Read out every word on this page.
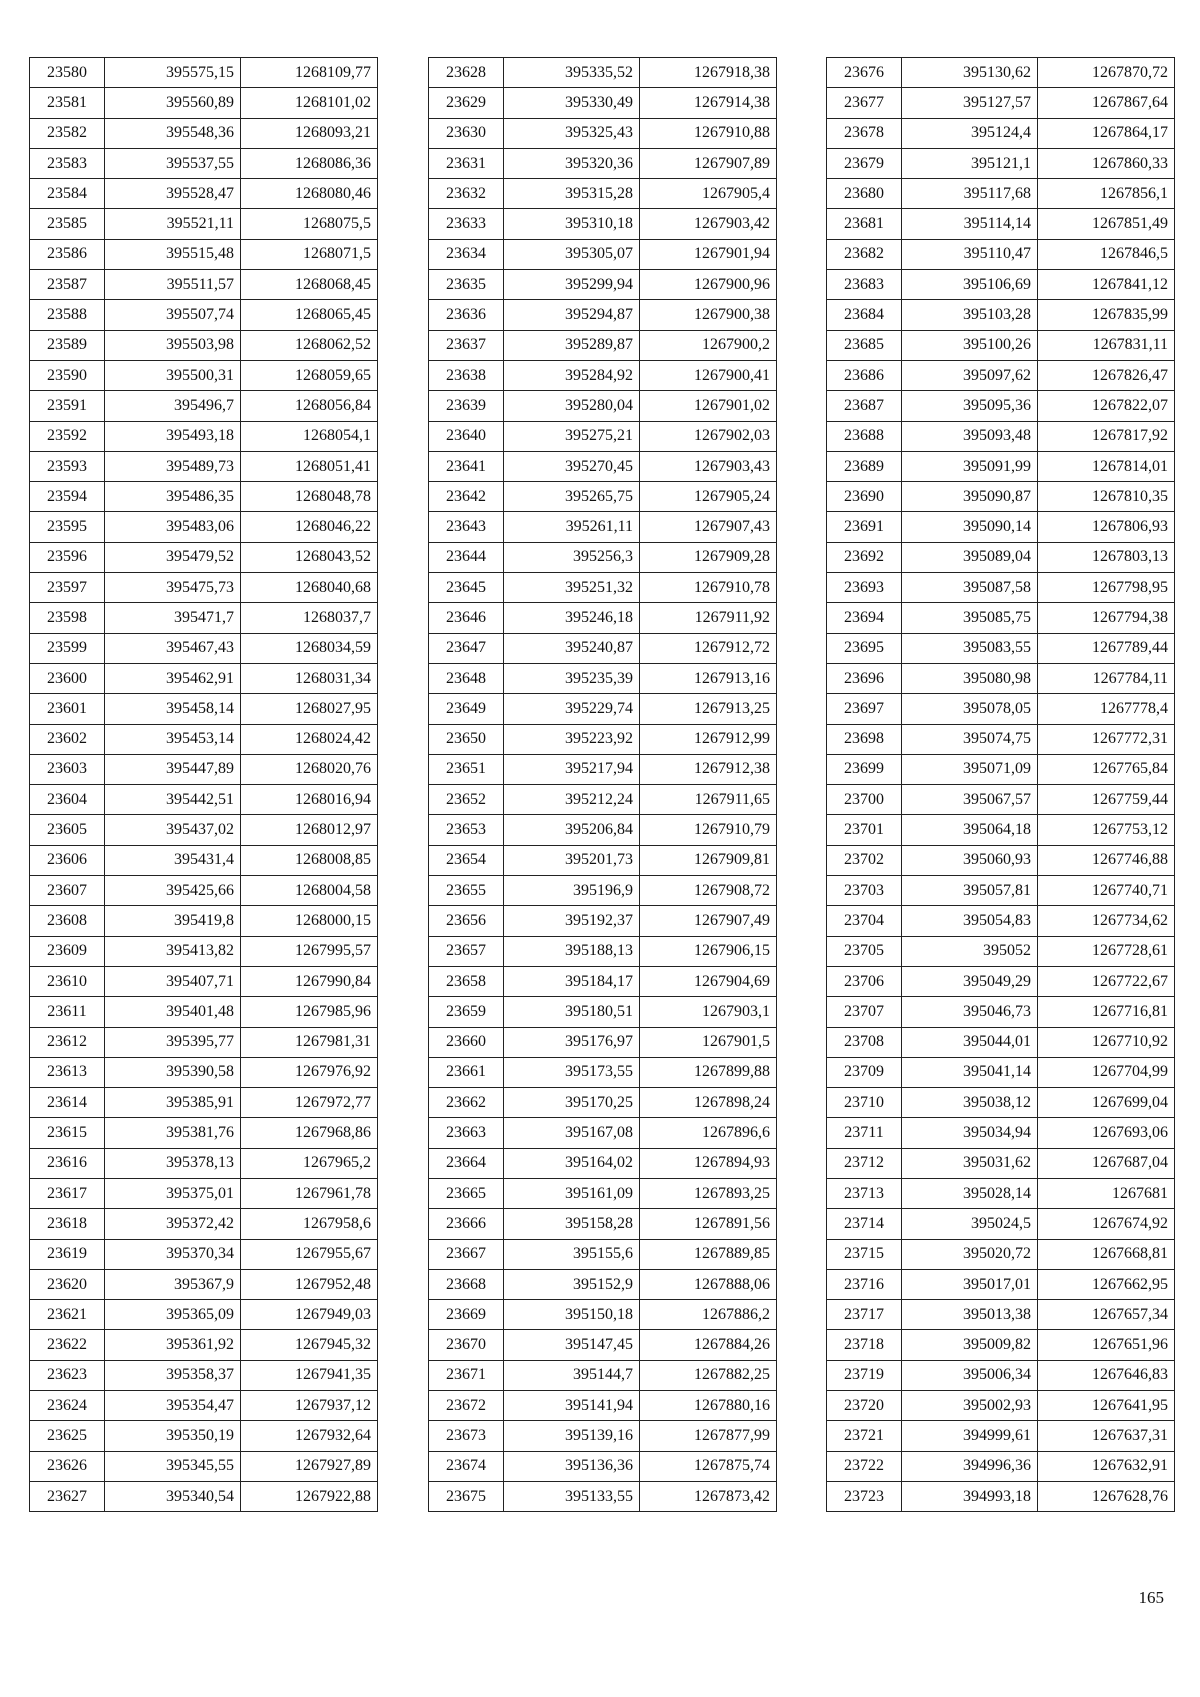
23580	395575,15	1268109,77
23581	395560,89	1268101,02
23582	395548,36	1268093,21
23583	395537,55	1268086,36
23584	395528,47	1268080,46
23585	395521,11	1268075,5
23586	395515,48	1268071,5
23587	395511,57	1268068,45
23588	395507,74	1268065,45
23589	395503,98	1268062,52
23590	395500,31	1268059,65
23591	395496,7	1268056,84
23592	395493,18	1268054,1
23593	395489,73	1268051,41
23594	395486,35	1268048,78
23595	395483,06	1268046,22
23596	395479,52	1268043,52
23597	395475,73	1268040,68
23598	395471,7	1268037,7
23599	395467,43	1268034,59
23600	395462,91	1268031,34
23601	395458,14	1268027,95
23602	395453,14	1268024,42
23603	395447,89	1268020,76
23604	395442,51	1268016,94
23605	395437,02	1268012,97
23606	395431,4	1268008,85
23607	395425,66	1268004,58
23608	395419,8	1268000,15
23609	395413,82	1267995,57
23610	395407,71	1267990,84
23611	395401,48	1267985,96
23612	395395,77	1267981,31
23613	395390,58	1267976,92
23614	395385,91	1267972,77
23615	395381,76	1267968,86
23616	395378,13	1267965,2
23617	395375,01	1267961,78
23618	395372,42	1267958,6
23619	395370,34	1267955,67
23620	395367,9	1267952,48
23621	395365,09	1267949,03
23622	395361,92	1267945,32
23623	395358,37	1267941,35
23624	395354,47	1267937,12
23625	395350,19	1267932,64
23626	395345,55	1267927,89
23627	395340,54	1267922,88
23628	395335,52	1267918,38
23629	395330,49	1267914,38
23630	395325,43	1267910,88
23631	395320,36	1267907,89
23632	395315,28	1267905,4
23633	395310,18	1267903,42
23634	395305,07	1267901,94
23635	395299,94	1267900,96
23636	395294,87	1267900,38
23637	395289,87	1267900,2
23638	395284,92	1267900,41
23639	395280,04	1267901,02
23640	395275,21	1267902,03
23641	395270,45	1267903,43
23642	395265,75	1267905,24
23643	395261,11	1267907,43
23644	395256,3	1267909,28
23645	395251,32	1267910,78
23646	395246,18	1267911,92
23647	395240,87	1267912,72
23648	395235,39	1267913,16
23649	395229,74	1267913,25
23650	395223,92	1267912,99
23651	395217,94	1267912,38
23652	395212,24	1267911,65
23653	395206,84	1267910,79
23654	395201,73	1267909,81
23655	395196,9	1267908,72
23656	395192,37	1267907,49
23657	395188,13	1267906,15
23658	395184,17	1267904,69
23659	395180,51	1267903,1
23660	395176,97	1267901,5
23661	395173,55	1267899,88
23662	395170,25	1267898,24
23663	395167,08	1267896,6
23664	395164,02	1267894,93
23665	395161,09	1267893,25
23666	395158,28	1267891,56
23667	395155,6	1267889,85
23668	395152,9	1267888,06
23669	395150,18	1267886,2
23670	395147,45	1267884,26
23671	395144,7	1267882,25
23672	395141,94	1267880,16
23673	395139,16	1267877,99
23674	395136,36	1267875,74
23675	395133,55	1267873,42
23676	395130,62	1267870,72
23677	395127,57	1267867,64
23678	395124,4	1267864,17
23679	395121,1	1267860,33
23680	395117,68	1267856,1
23681	395114,14	1267851,49
23682	395110,47	1267846,5
23683	395106,69	1267841,12
23684	395103,28	1267835,99
23685	395100,26	1267831,11
23686	395097,62	1267826,47
23687	395095,36	1267822,07
23688	395093,48	1267817,92
23689	395091,99	1267814,01
23690	395090,87	1267810,35
23691	395090,14	1267806,93
23692	395089,04	1267803,13
23693	395087,58	1267798,95
23694	395085,75	1267794,38
23695	395083,55	1267789,44
23696	395080,98	1267784,11
23697	395078,05	1267778,4
23698	395074,75	1267772,31
23699	395071,09	1267765,84
23700	395067,57	1267759,44
23701	395064,18	1267753,12
23702	395060,93	1267746,88
23703	395057,81	1267740,71
23704	395054,83	1267734,62
23705	395052	1267728,61
23706	395049,29	1267722,67
23707	395046,73	1267716,81
23708	395044,01	1267710,92
23709	395041,14	1267704,99
23710	395038,12	1267699,04
23711	395034,94	1267693,06
23712	395031,62	1267687,04
23713	395028,14	1267681
23714	395024,5	1267674,92
23715	395020,72	1267668,81
23716	395017,01	1267662,95
23717	395013,38	1267657,34
23718	395009,82	1267651,96
23719	395006,34	1267646,83
23720	395002,93	1267641,95
23721	394999,61	1267637,31
23722	394996,36	1267632,91
23723	394993,18	1267628,76
165
